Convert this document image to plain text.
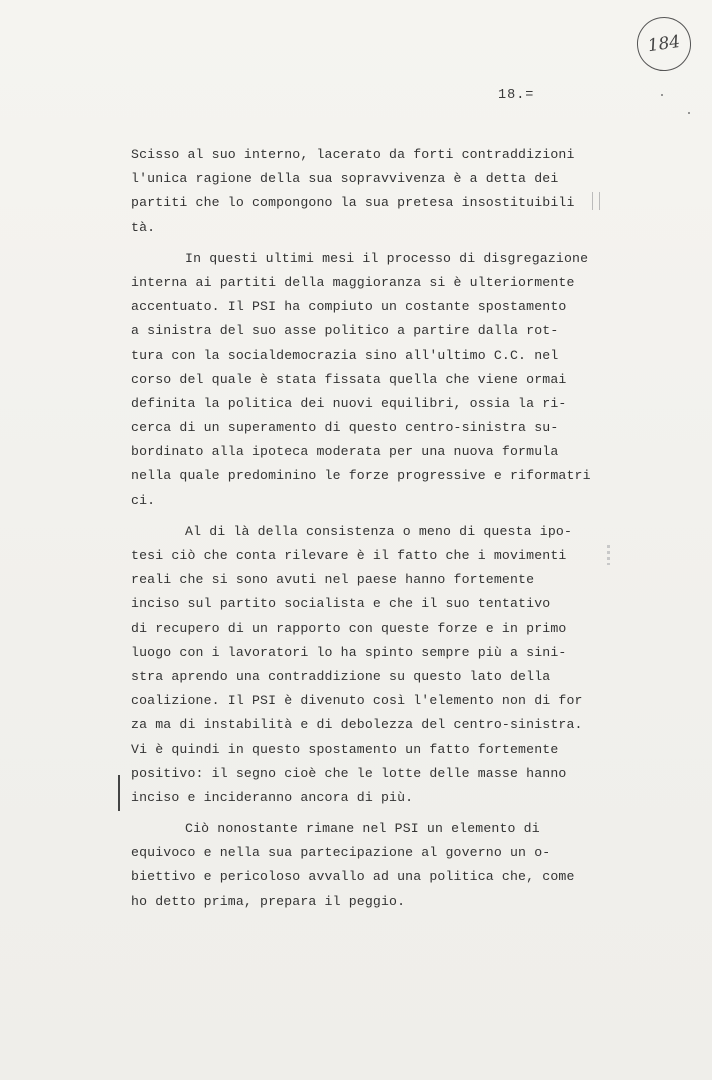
184
18.=
Scisso al suo interno, lacerato da forti contraddizioni
l'unica ragione della sua sopravvivenza è a detta dei
partiti che lo compongono la sua pretesa insostituibili
tà.
In questi ultimi mesi il processo di disgregazione
interna ai partiti della maggioranza si è ulteriormente
accentuato. Il PSI ha compiuto un costante spostamento
a sinistra del suo asse politico a partire dalla rot-
tura con la socialdemocrazia sino all'ultimo C.C. nel
corso del quale è stata fissata quella che viene ormai
definita la politica dei nuovi equilibri, ossia la ri-
cerca di un superamento di questo centro-sinistra su-
bordinato alla ipoteca moderata per una nuova formula
nella quale predominino le forze progressive e riformatri
ci.
Al di là della consistenza o meno di questa ipo-
tesi ciò che conta rilevare è il fatto che i movimenti
reali che si sono avuti nel paese hanno fortemente
inciso sul partito socialista e che il suo tentativo
di recupero di un rapporto con queste forze e in primo
luogo con i lavoratori lo ha spinto sempre più a sini-
stra aprendo una contraddizione su questo lato della
coalizione. Il PSI è divenuto così l'elemento non di for
za ma di instabilità e di debolezza del centro-sinistra.
Vi è quindi in questo spostamento un fatto fortemente
positivo: il segno cioè che le lotte delle masse hanno
inciso e incideranno ancora di più.
Ciò nonostante rimane nel PSI un elemento di
equivoco e nella sua partecipazione al governo un o-
biettivo e pericoloso avvallo ad una politica che, come
ho detto prima, prepara il peggio.
